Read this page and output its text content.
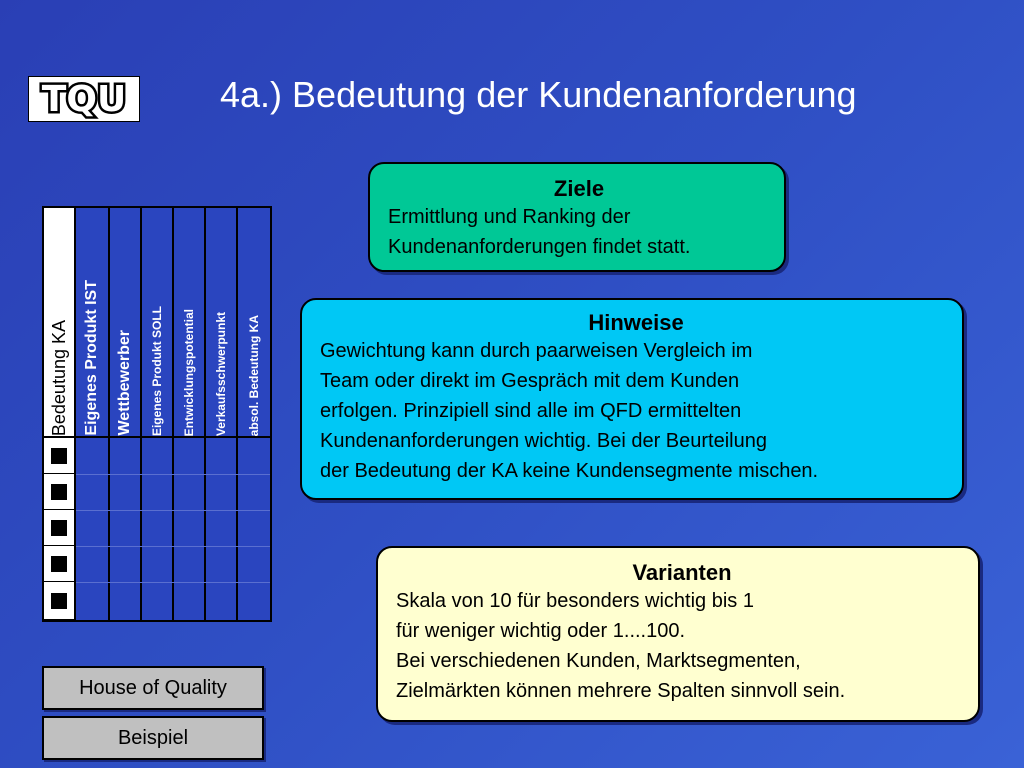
TQU	4a.) Bedeutung der Kundenanforderung
Bedeutung KA Eigenes Produkt IST Wettbewerber Eigenes Produkt SOLL Entwicklungspotential Verkaufsschwerpunkt absol. Bedeutung KA
Ziele

Ermittlung und Ranking der

Kundenanforderungen findet statt.

Hinweise

Gewichtung kann durch paarweisen Vergleich im

Team oder direkt im Gespräch mit dem Kunden

erfolgen. Prinzipiell sind alle im QFD ermittelten

Kundenanforderungen wichtig. Bei der Beurteilung

der Bedeutung der KA keine Kundensegmente mischen.

Varianten

Skala von 10 für besonders wichtig bis 1

für weniger wichtig oder 1....100.

Bei verschiedenen Kunden, Marktsegmenten,

Zielmärkten können mehrere Spalten sinnvoll sein.

House of Quality
Beispiel
